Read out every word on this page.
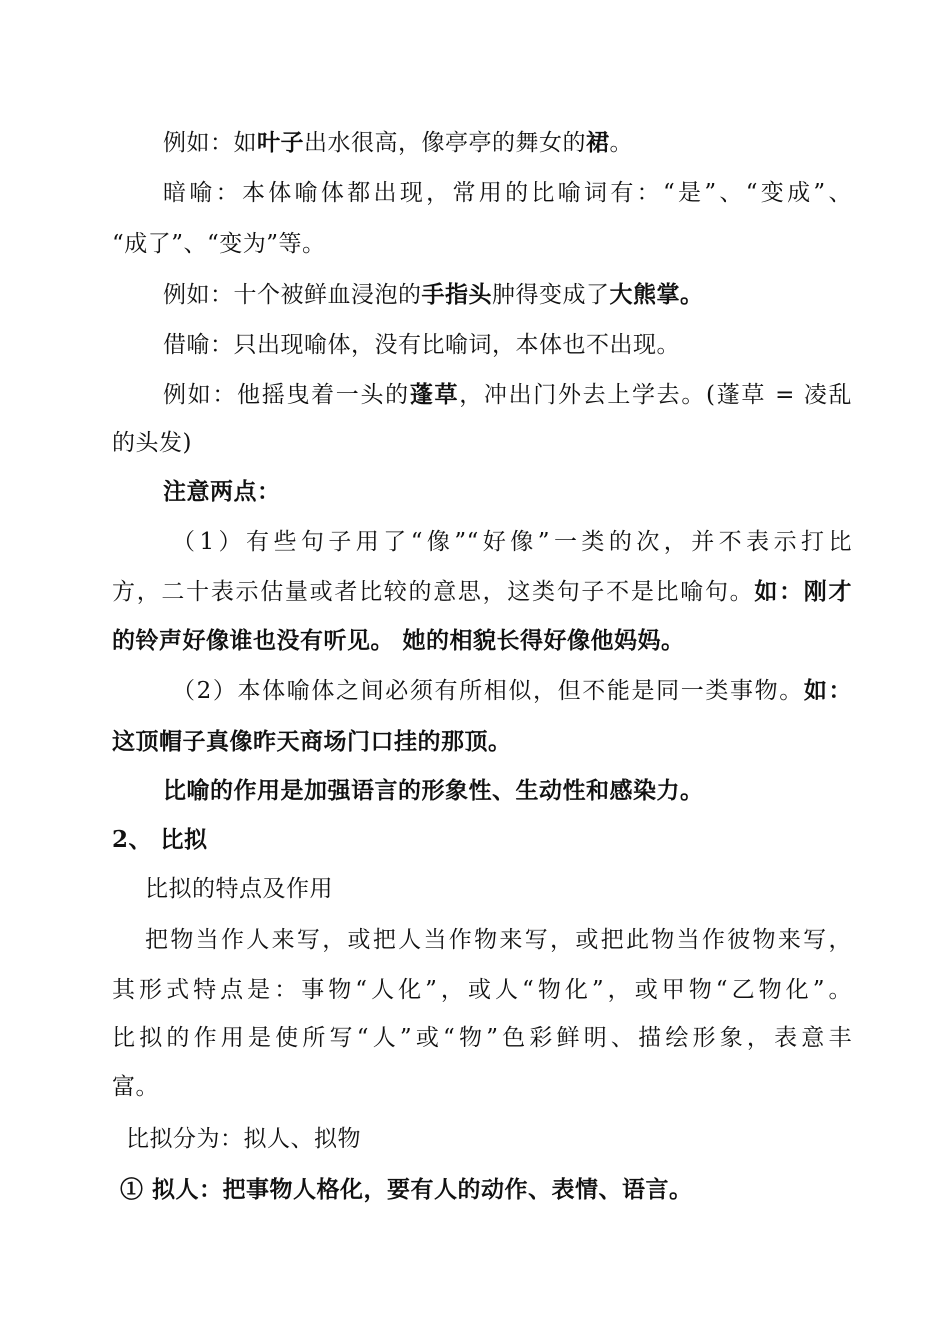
例如：如叶子出水很高，像亭亭的舞女的裙。
暗喻：本体喻体都出现，常用的比喻词有：“是”、“变成”、
“成了”、“变为”等。
例如：十个被鲜血浸泡的手指头肿得变成了大熊掌。
借喻：只出现喻体，没有比喻词，本体也不出现。
例如：他摇曳着一头的蓬草，冲出门外去上学去。(蓬草 = 凌乱
的头发)
注意两点：
（1）有些句子用了“像”“好像”一类的次，并不表示打比
方，二十表示估量或者比较的意思，这类句子不是比喻句。如：刚才
的铃声好像谁也没有听见。 她的相貌长得好像他妈妈。
（2）本体喻体之间必须有所相似，但不能是同一类事物。如：
这顶帽子真像昨天商场门口挂的那顶。
比喻的作用是加强语言的形象性、生动性和感染力。
2、 比拟
比拟的特点及作用
把物当作人来写，或把人当作物来写，或把此物当作彼物来写，
其形式特点是：事物“人化”，或人“物化”，或甲物“乙物化”。
比拟的作用是使所写“人”或“物”色彩鲜明、描绘形象，表意丰
富。
比拟分为：拟人、拟物
① 拟人：把事物人格化，要有人的动作、表情、语言。
